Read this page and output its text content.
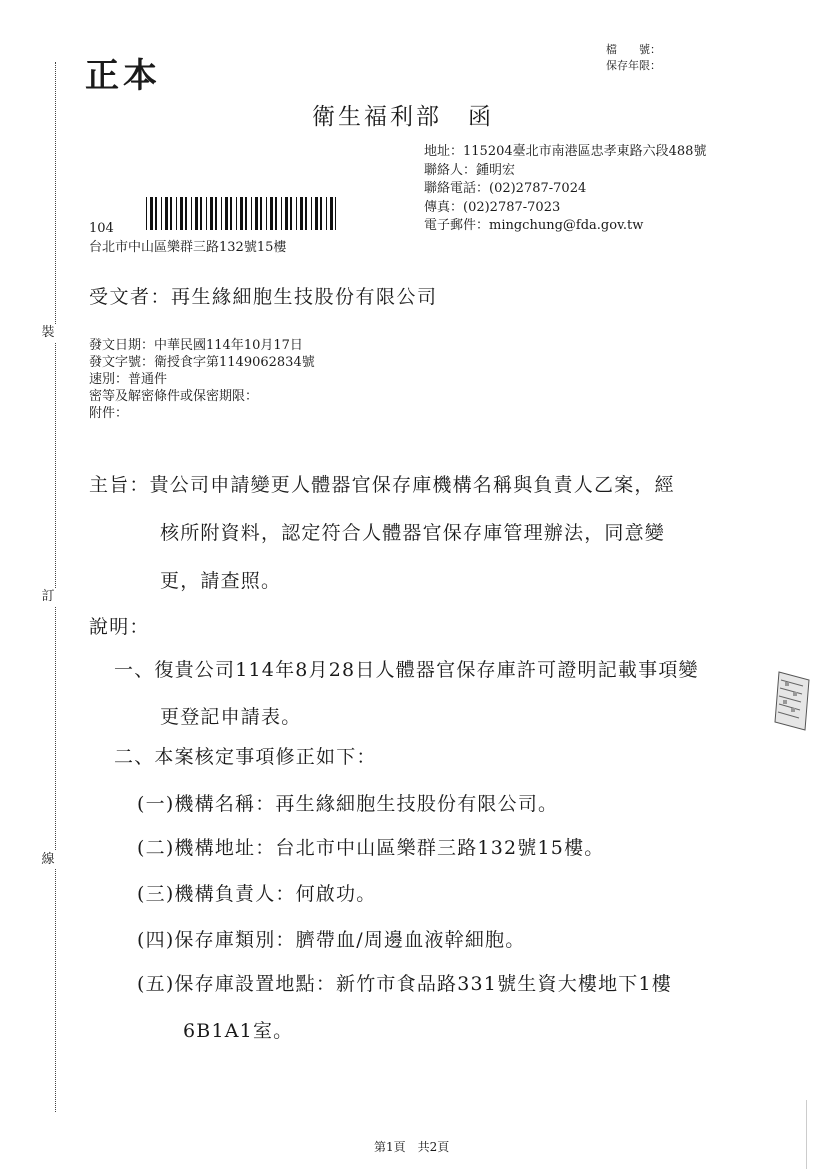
裝
訂
線
正本
檔　　號：
保存年限：
衛生福利部　函
地址：115204臺北市南港區忠孝東路六段488號
聯絡人：鍾明宏
聯絡電話：(02)2787-7024
傳真：(02)2787-7023
電子郵件：mingchung@fda.gov.tw
104
台北市中山區樂群三路132號15樓
受文者：再生緣細胞生技股份有限公司
發文日期：中華民國114年10月17日
發文字號：衛授食字第1149062834號
速別：普通件
密等及解密條件或保密期限：
附件：
主旨：貴公司申請變更人體器官保存庫機構名稱與負責人乙案，經
核所附資料，認定符合人體器官保存庫管理辦法，同意變
更，請查照。
說明：
一、復貴公司114年8月28日人體器官保存庫許可證明記載事項變
更登記申請表。
二、本案核定事項修正如下：
(一)機構名稱：再生緣細胞生技股份有限公司。
(二)機構地址：台北市中山區樂群三路132號15樓。
(三)機構負責人：何啟功。
(四)保存庫類別：臍帶血/周邊血液幹細胞。
(五)保存庫設置地點：新竹市食品路331號生資大樓地下1樓
6B1A1室。
第1頁　共2頁
